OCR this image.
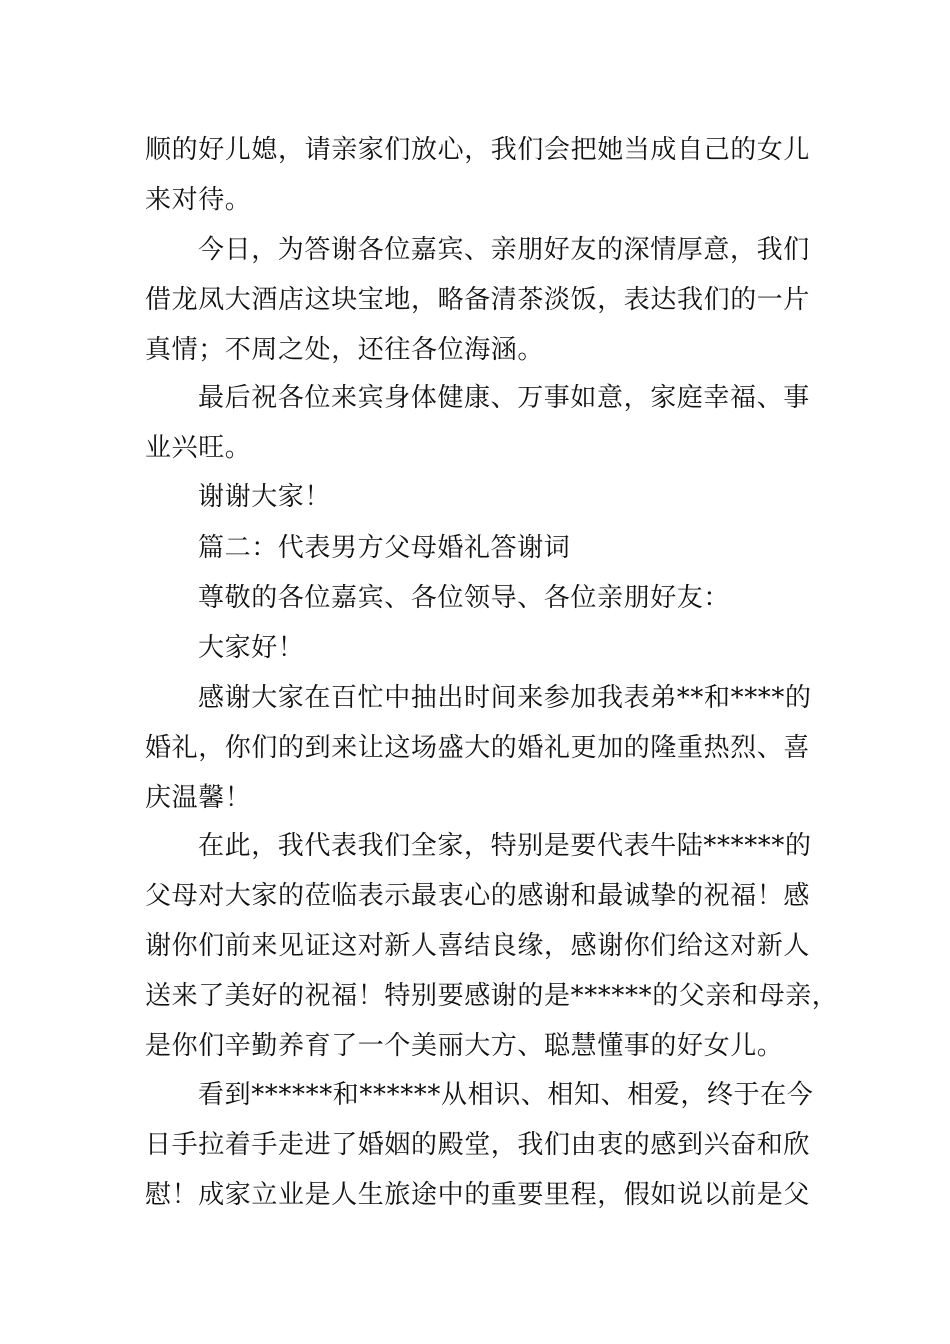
顺的好儿媳，请亲家们放心，我们会把她当成自己的女儿
来对待。
今日，为答谢各位嘉宾、亲朋好友的深情厚意，我们
借龙凤大酒店这块宝地，略备清茶淡饭，表达我们的一片
真情；不周之处，还往各位海涵。
最后祝各位来宾身体健康、万事如意，家庭幸福、事
业兴旺。
谢谢大家！
篇二：代表男方父母婚礼答谢词
尊敬的各位嘉宾、各位领导、各位亲朋好友：
大家好！
感谢大家在百忙中抽出时间来参加我表弟**和****的
婚礼，你们的到来让这场盛大的婚礼更加的隆重热烈、喜
庆温馨！
在此，我代表我们全家，特别是要代表牛陆******的
父母对大家的莅临表示最衷心的感谢和最诚挚的祝福！感
谢你们前来见证这对新人喜结良缘，感谢你们给这对新人
送来了美好的祝福！特别要感谢的是******的父亲和母亲，
是你们辛勤养育了一个美丽大方、聪慧懂事的好女儿。
看到******和******从相识、相知、相爱，终于在今
日手拉着手走进了婚姻的殿堂，我们由衷的感到兴奋和欣
慰！成家立业是人生旅途中的重要里程，假如说以前是父
